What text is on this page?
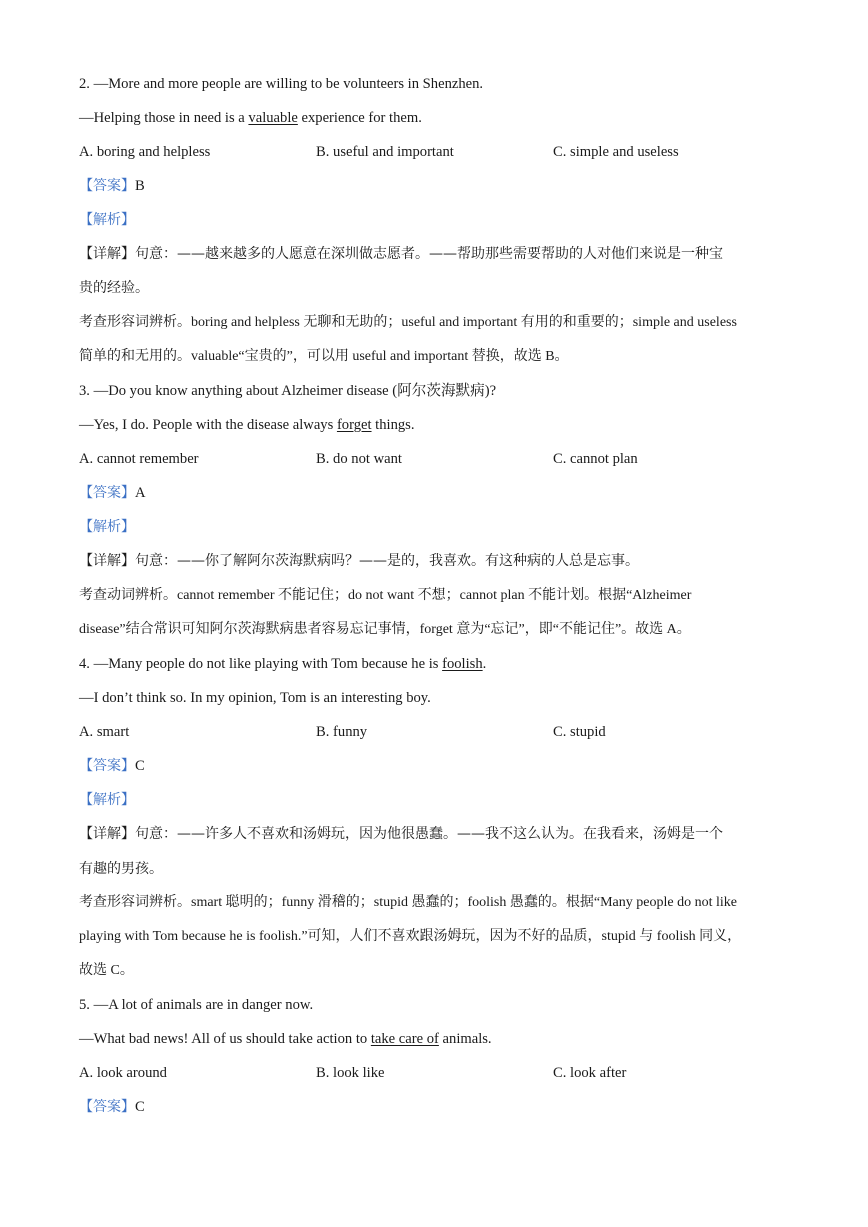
2. —More and more people are willing to be volunteers in Shenzhen.
—Helping those in need is a valuable experience for them.
A. boring and helpless	B. useful and important	C. simple and useless
【答案】B
【解析】
【详解】句意：——越来越多的人愿意在深圳做志愿者。——帮助那些需要帮助的人对他们来说是一种宝
贵的经验。
考查形容词辨析。boring and helpless 无聊和无助的；useful and important 有用的和重要的；simple and useless
简单的和无用的。valuable“宝贵的”，可以用 useful and important 替换，故选 B。
3. —Do you know anything about Alzheimer disease (阿尔茨海默病)?
—Yes, I do. People with the disease always forget things.
A. cannot remember	B. do not want	C. cannot plan
【答案】A
【解析】
【详解】句意：——你了解阿尔茨海默病吗？——是的，我喜欢。有这种病的人总是忘事。
考查动词辨析。cannot remember 不能记住；do not want 不想；cannot plan 不能计划。根据“Alzheimer
disease”结合常识可知阿尔茨海默病患者容易忘记事情，forget 意为“忘记”，即“不能记住”。故选 A。
4. —Many people do not like playing with Tom because he is foolish.
—I don’t think so. In my opinion, Tom is an interesting boy.
A. smart	B. funny	C. stupid
【答案】C
【解析】
【详解】句意：——许多人不喜欢和汤姆玩，因为他很愚蠢。——我不这么认为。在我看来，汤姆是一个
有趣的男孩。
考查形容词辨析。smart 聪明的；funny 滑稽的；stupid 愚蠢的；foolish 愚蠢的。根据“Many people do not like
playing with Tom because he is foolish.”可知，人们不喜欢跟汤姆玩，因为不好的品质，stupid 与 foolish 同义，
故选 C。
5. —A lot of animals are in danger now.
—What bad news! All of us should take action to take care of animals.
A. look around	B. look like	C. look after
【答案】C
